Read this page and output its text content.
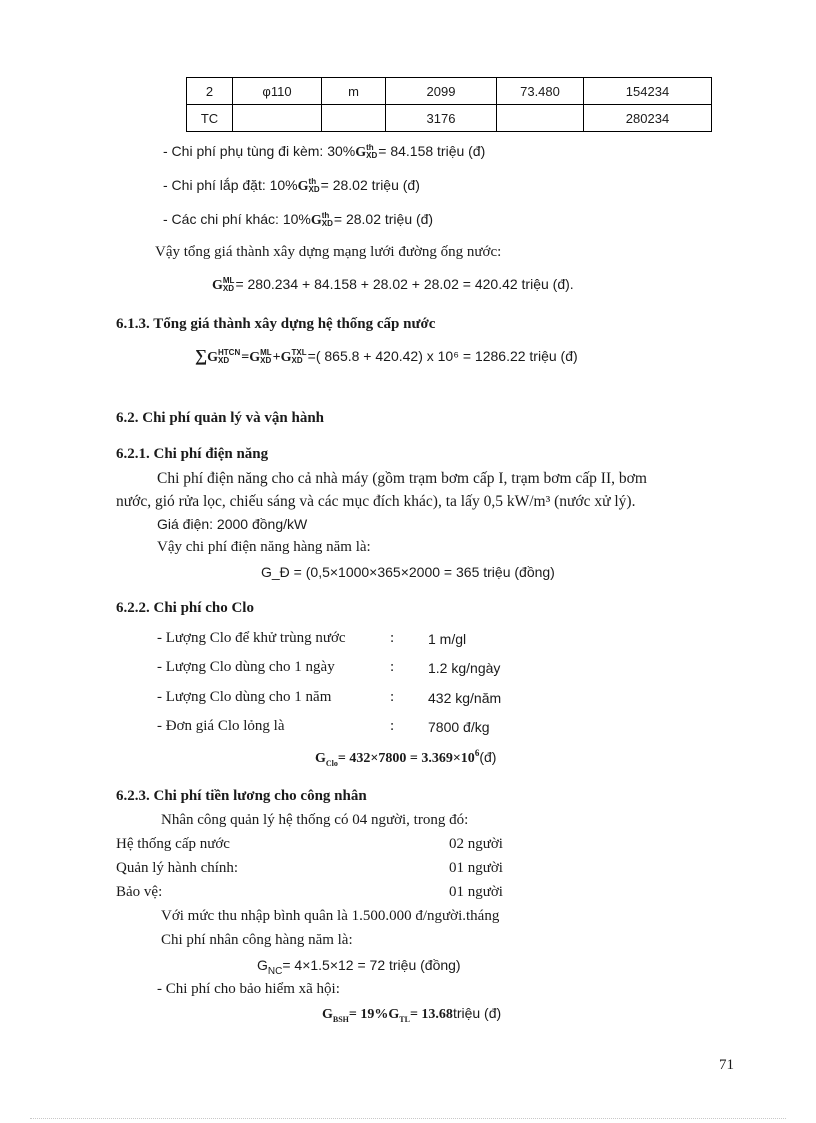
2	φ110	m	2099	73.480	154234
TC			3176		280234
- Chi phí phụ tùng đi kèm: 30%G th
XD = 84.158 triệu (đ)
- Chi phí lắp đặt: 10%G th
XD = 28.02 triệu (đ)
- Các chi phí khác: 10%G th
XD = 28.02 triệu (đ)
Vậy tổng giá thành xây dựng mạng lưới đường ống nước:
G ML
XD = 280.234 + 84.158 + 28.02 + 28.02 = 420.42 triệu (đ).
6.1.3. Tổng giá thành xây dựng hệ thống cấp nước
∑G HTCN
XD =G ML
XD +G TXL
XD =( 865.8 + 420.42) x 10⁶ = 1286.22 triệu (đ)
6.2. Chi phí quản lý và vận hành
6.2.1. Chi phí điện năng
Chi phí điện năng cho cả nhà máy (gồm trạm bơm cấp I, trạm bơm cấp II, bơm
nước, gió rửa lọc, chiếu sáng và các mục đích khác), ta lấy 0,5 kW/m³ (nước xử lý).
Giá điện: 2000 đồng/kW
Vậy chi phí điện năng hàng năm là:
G_Đ = (0,5×1000×365×2000 = 365 triệu (đồng)
6.2.2. Chi phí cho Clo
- Lượng Clo để khử trùng nước	: 1 m/gl
- Lượng Clo dùng cho 1 ngày	: 1.2 kg/ngày
- Lượng Clo dùng cho 1 năm	: 432 kg/năm
- Đơn giá Clo lỏng là	: 7800 đ/kg
$G_{Clo}= 432\times 7800$ = $3.369\times 10^6(đ)$
6.2.3. Chi phí tiền lương cho công nhân
Nhân công quản lý hệ thống có 04 người, trong đó:
Hệ thống cấp nước	02 người
Quản lý hành chính:	01 người
Bảo vệ:	01 người
Với mức thu nhập bình quân là 1.500.000 đ/người.tháng
Chi phí nhân công hàng năm là:
$G_{NC}= 4\times 1.5\times 12 = 72$ triệu (đồng)
- Chi phí cho bảo hiểm xã hội:
$G_{BSH}= 19\%G_{TL}=$ 13.68triệu (đ)
71
